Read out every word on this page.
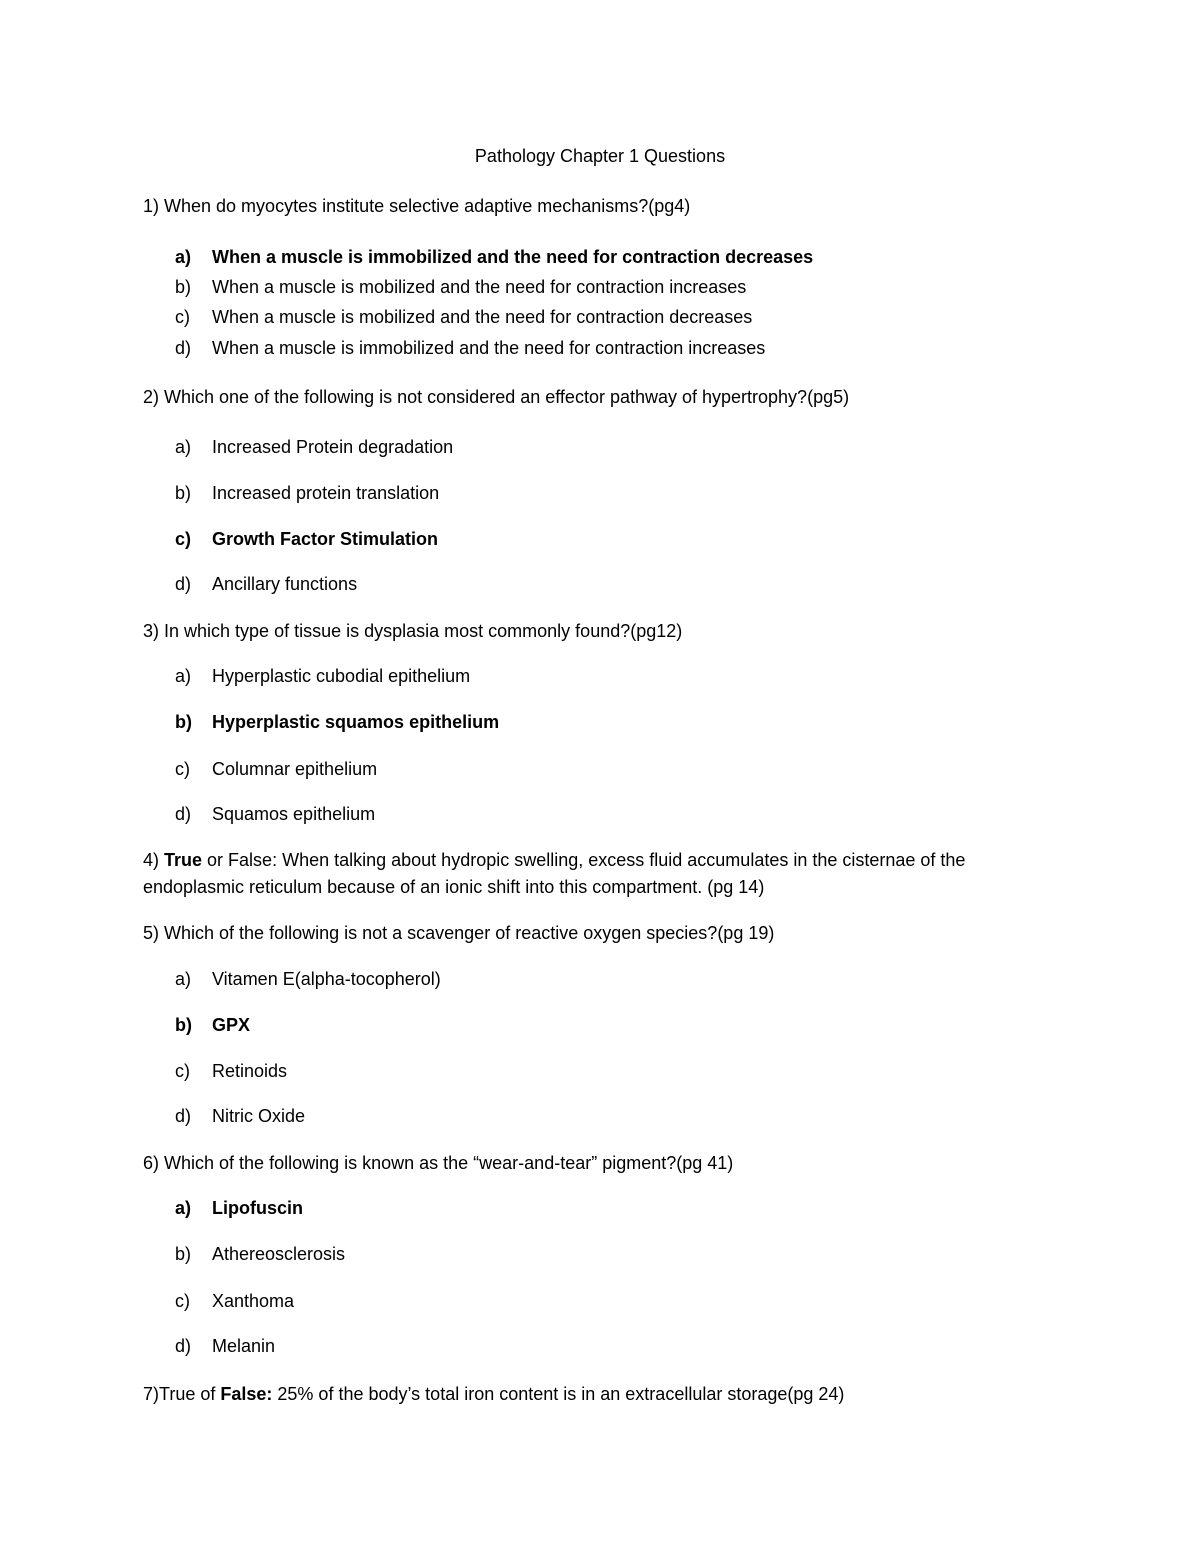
Pathology Chapter 1 Questions
1) When do myocytes institute selective adaptive mechanisms?(pg4)
a) When a muscle is immobilized and the need for contraction decreases
b) When a muscle is mobilized and the need for contraction increases
c) When a muscle is mobilized and the need for contraction decreases
d) When a muscle is immobilized and the need for contraction increases
2) Which one of the following is not considered an effector pathway of hypertrophy?(pg5)
a) Increased Protein degradation
b) Increased protein translation
c) Growth Factor Stimulation
d) Ancillary functions
3) In which type of tissue is dysplasia most commonly found?(pg12)
a) Hyperplastic cubodial epithelium
b) Hyperplastic squamos epithelium
c) Columnar epithelium
d) Squamos epithelium
4) True or False: When talking about hydropic swelling, excess fluid accumulates in the cisternae of the endoplasmic reticulum because of an ionic shift into this compartment. (pg 14)
5) Which of the following is not a scavenger of reactive oxygen species?(pg 19)
a) Vitamen E(alpha-tocopherol)
b) GPX
c) Retinoids
d) Nitric Oxide
6) Which of the following is known as the “wear-and-tear” pigment?(pg 41)
a) Lipofuscin
b) Athereosclerosis
c) Xanthoma
d) Melanin
7)True of False: 25% of the body’s total iron content is in an extracellular storage(pg 24)
